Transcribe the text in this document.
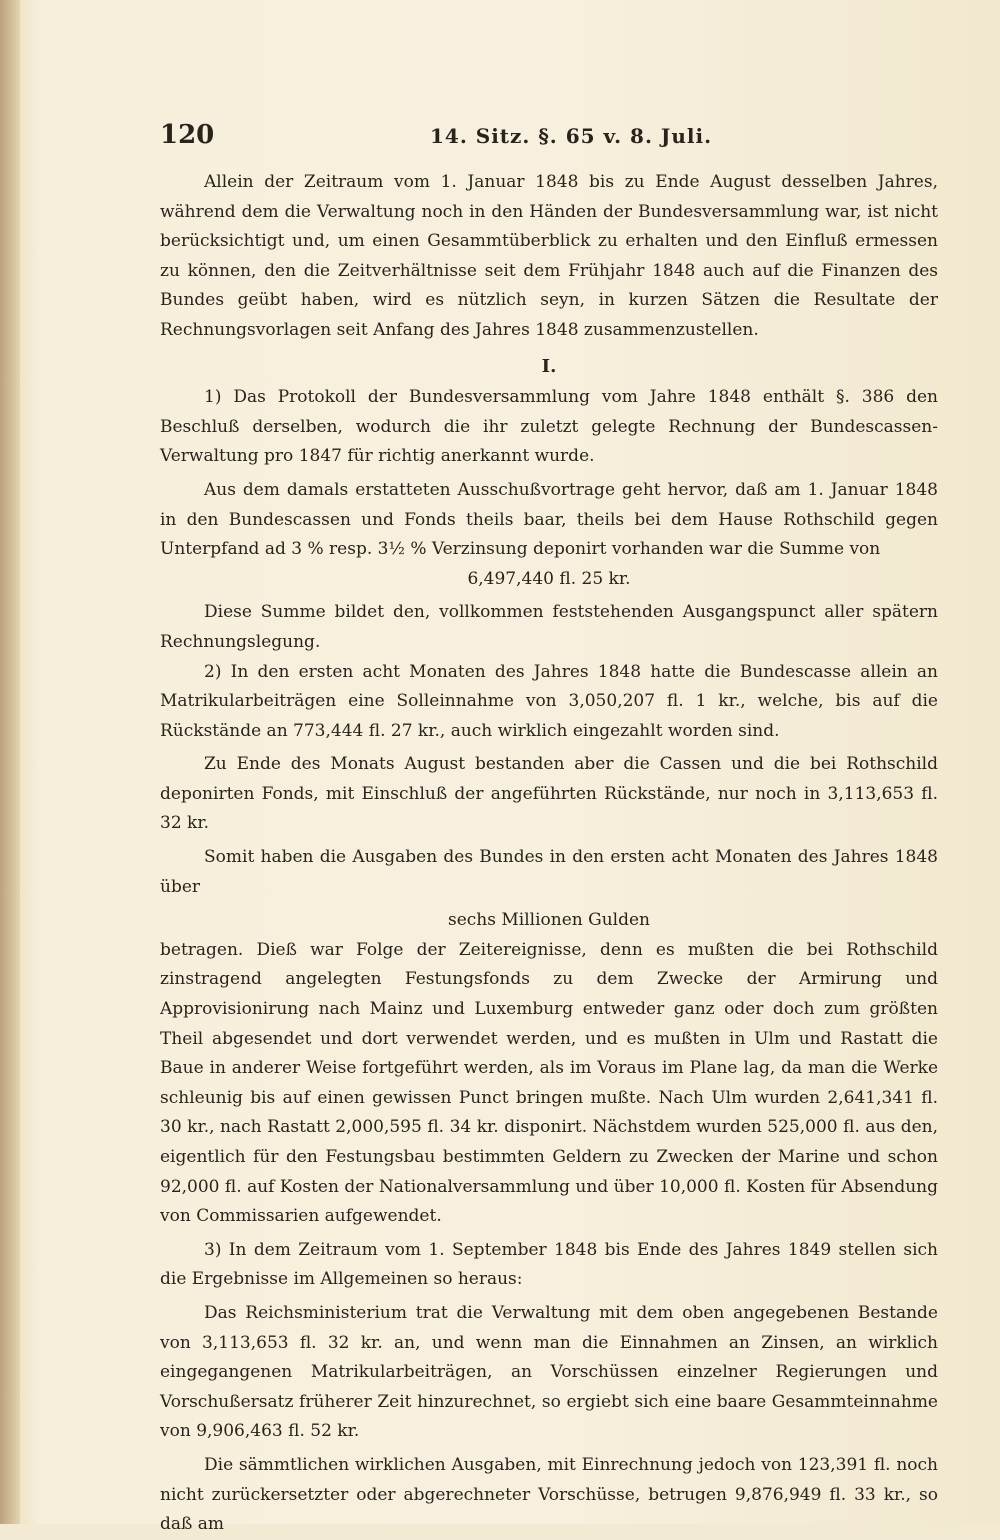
120	14. Sitz. §. 65 v. 8. Juli.

Allein der Zeitraum vom 1. Januar 1848 bis zu Ende August desselben Jahres, während dem die Verwaltung noch in den Händen der Bundesversammlung war, ist nicht berücksichtigt und, um einen Gesammtüberblick zu erhalten und den Einfluß ermessen zu können, den die Zeitverhältnisse seit dem Frühjahr 1848 auch auf die Finanzen des Bundes geübt haben, wird es nützlich seyn, in kurzen Sätzen die Resultate der Rechnungsvorlagen seit Anfang des Jahres 1848 zusammenzustellen.

I.

1) Das Protokoll der Bundesversammlung vom Jahre 1848 enthält §. 386 den Beschluß derselben, wodurch die ihr zuletzt gelegte Rechnung der Bundescassen-Verwaltung pro 1847 für richtig anerkannt wurde.

Aus dem damals erstatteten Ausschußvortrage geht hervor, daß am 1. Januar 1848 in den Bundescassen und Fonds theils baar, theils bei dem Hause Rothschild gegen Unterpfand ad 3 % resp. 3½ % Verzinsung deponirt vorhanden war die Summe von

6,497,440 fl. 25 kr.

Diese Summe bildet den, vollkommen feststehenden Ausgangspunct aller spätern Rechnungslegung.

2) In den ersten acht Monaten des Jahres 1848 hatte die Bundescasse allein an Matrikularbeiträgen eine Solleinnahme von 3,050,207 fl. 1 kr., welche, bis auf die Rückstände an 773,444 fl. 27 kr., auch wirklich eingezahlt worden sind.

Zu Ende des Monats August bestanden aber die Cassen und die bei Rothschild deponirten Fonds, mit Einschluß der angeführten Rückstände, nur noch in 3,113,653 fl. 32 kr.

Somit haben die Ausgaben des Bundes in den ersten acht Monaten des Jahres 1848 über

sechs Millionen Gulden

betragen. Dieß war Folge der Zeitereignisse, denn es mußten die bei Rothschild zinstragend angelegten Festungsfonds zu dem Zwecke der Armirung und Approvisionirung nach Mainz und Luxemburg entweder ganz oder doch zum größten Theil abgesendet und dort verwendet werden, und es mußten in Ulm und Rastatt die Baue in anderer Weise fortgeführt werden, als im Voraus im Plane lag, da man die Werke schleunig bis auf einen gewissen Punct bringen mußte. Nach Ulm wurden 2,641,341 fl. 30 kr., nach Rastatt 2,000,595 fl. 34 kr. disponirt. Nächstdem wurden 525,000 fl. aus den, eigentlich für den Festungsbau bestimmten Geldern zu Zwecken der Marine und schon 92,000 fl. auf Kosten der Nationalversammlung und über 10,000 fl. Kosten für Absendung von Commissarien aufgewendet.

3) In dem Zeitraum vom 1. September 1848 bis Ende des Jahres 1849 stellen sich die Ergebnisse im Allgemeinen so heraus:

Das Reichsministerium trat die Verwaltung mit dem oben angegebenen Bestande von 3,113,653 fl. 32 kr. an, und wenn man die Einnahmen an Zinsen, an wirklich eingegangenen Matrikularbeiträgen, an Vorschüssen einzelner Regierungen und Vorschußersatz früherer Zeit hinzurechnet, so ergiebt sich eine baare Gesammteinnahme von 9,906,463 fl. 52 kr.

Die sämmtlichen wirklichen Ausgaben, mit Einrechnung jedoch von 123,391 fl. noch nicht zurückersetzter oder abgerechneter Vorschüsse, betrugen 9,876,949 fl. 33 kr., so daß am
